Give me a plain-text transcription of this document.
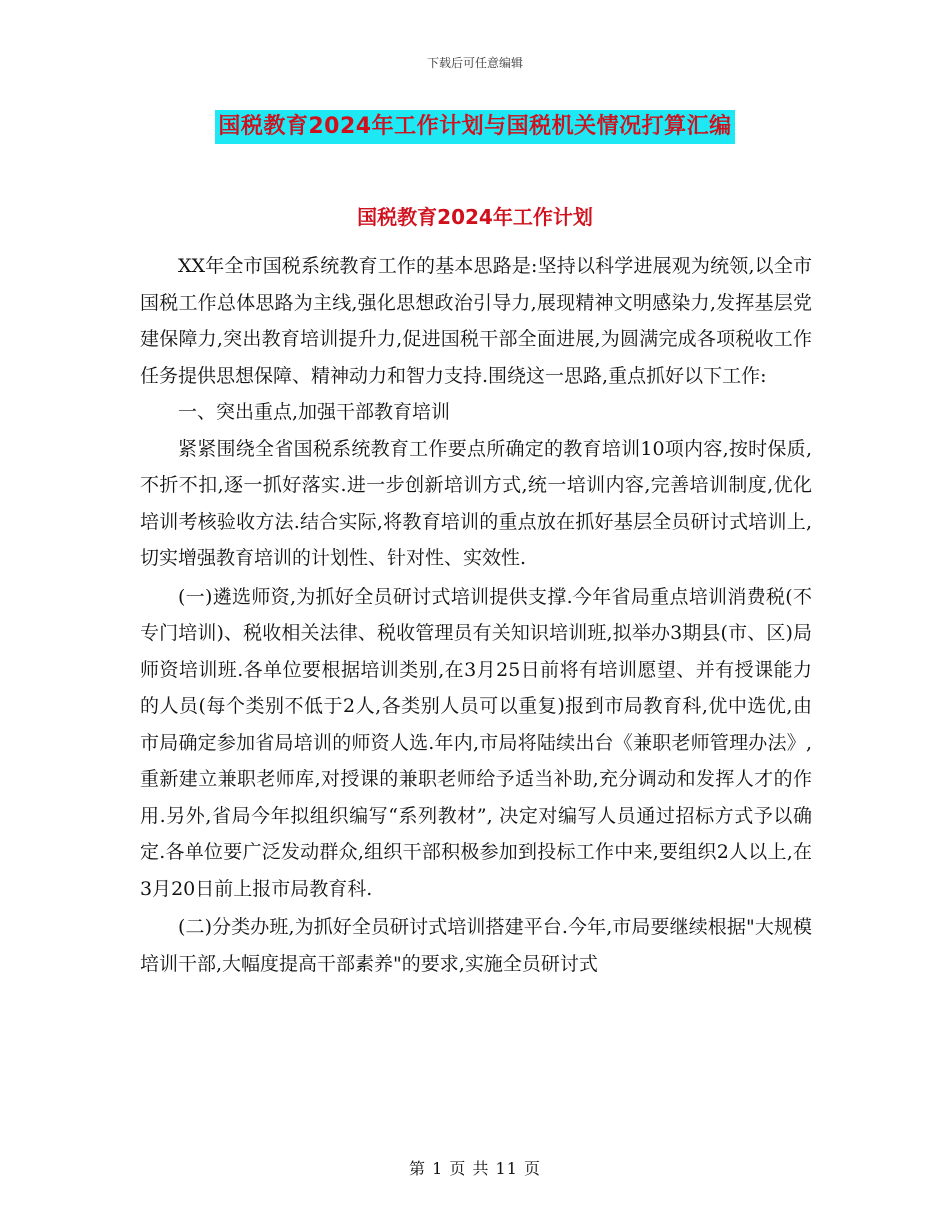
下载后可任意编辑
国税教育2024年工作计划与国税机关情况打算汇编
国税教育2024年工作计划

XX年全市国税系统教育工作的基本思路是:坚持以科学进展观为统领,以全市国税工作总体思路为主线,强化思想政治引导力,展现精神文明感染力,发挥基层党建保障力,突出教育培训提升力,促进国税干部全面进展,为圆满完成各项税收工作任务提供思想保障、精神动力和智力支持.围绕这一思路,重点抓好以下工作:

一、突出重点,加强干部教育培训

紧紧围绕全省国税系统教育工作要点所确定的教育培训10项内容,按时保质,不折不扣,逐一抓好落实.进一步创新培训方式,统一培训内容,完善培训制度,优化培训考核验收方法.结合实际,将教育培训的重点放在抓好基层全员研讨式培训上,切实增强教育培训的计划性、针对性、实效性.

(一)遴选师资,为抓好全员研讨式培训提供支撑.今年省局重点培训消费税(不专门培训)、税收相关法律、税收管理员有关知识培训班,拟举办3期县(市、区)局师资培训班.各单位要根据培训类别,在3月25日前将有培训愿望、并有授课能力的人员(每个类别不低于2人,各类别人员可以重复)报到市局教育科,优中选优,由市局确定参加省局培训的师资人选.年内,市局将陆续出台《兼职老师管理办法》,重新建立兼职老师库,对授课的兼职老师给予适当补助,充分调动和发挥人才的作用.另外,省局今年拟组织编写“系列教材”, 决定对编写人员通过招标方式予以确定.各单位要广泛发动群众,组织干部积极参加到投标工作中来,要组织2人以上,在3月20日前上报市局教育科.

(二)分类办班,为抓好全员研讨式培训搭建平台.今年,市局要继续根据"大规模培训干部,大幅度提高干部素养"的要求,实施全员研讨式

第 1 页 共 11 页
